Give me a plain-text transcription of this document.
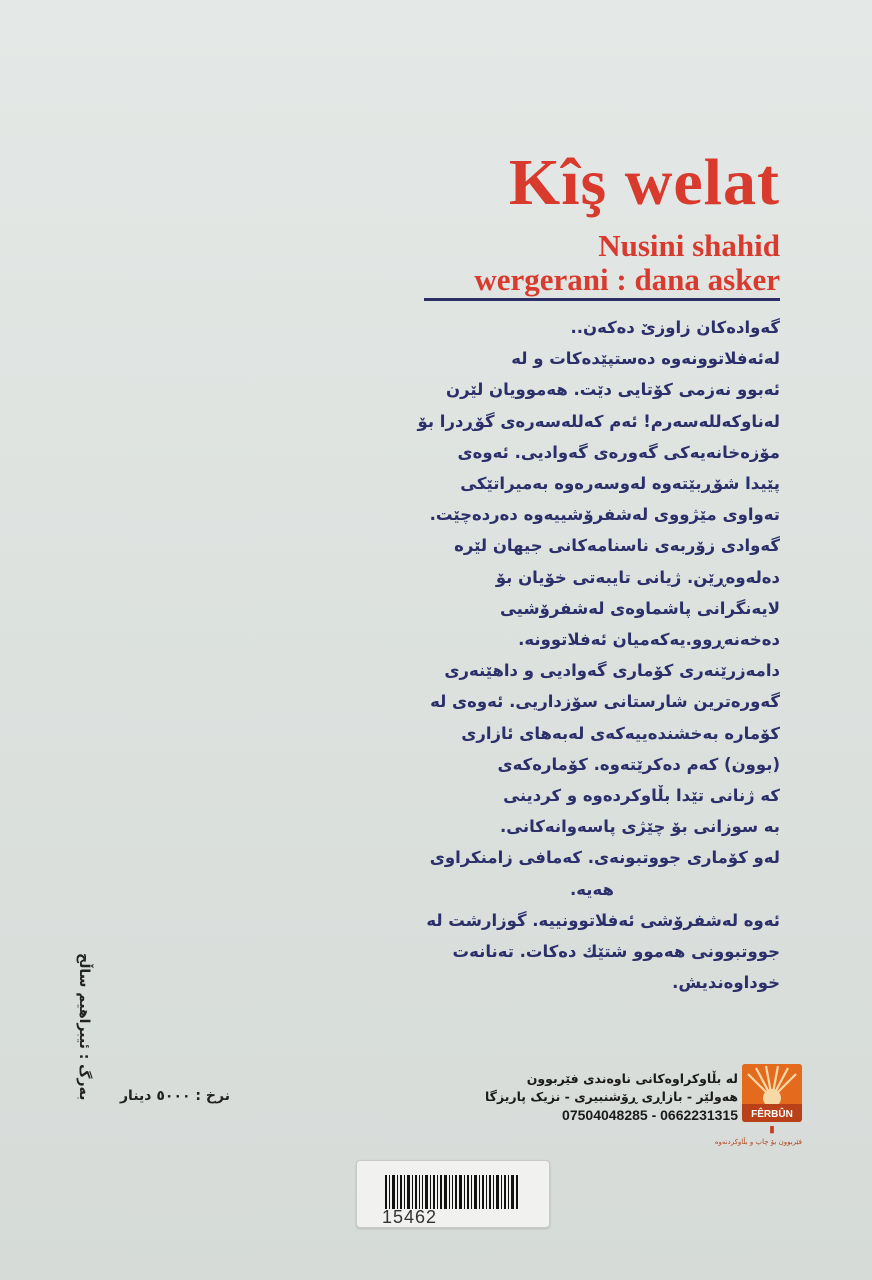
Kîş welat
Nusini shahid
wergerani : dana asker
گەوادەکان زاوزێ دەکەن..
لەئەفلاتوونەوە دەستپێدەکات و لە
ئەبوو نەزمی کۆتایی دێت. هەموویان لێرن
لەناوکەللەسەرم! ئەم کەللەسەرەی گۆڕدرا بۆ
مۆزەخانەیەکی گەورەی گەوادیی. ئەوەی
پێیدا شۆڕبێتەوە لەوسەرەوە بەمیراتێکی
تەواوی مێژووی لەشفرۆشییەوە دەردەچێت.
گەوادی زۆربەی ناسنامەکانی جیهان لێرە
دەلەوەڕێن. ژیانی تایبەتی خۆیان بۆ
لایەنگرانی پاشماوەی لەشفرۆشیی
دەخەنەڕوو.یەکەمیان ئەفلاتوونە.
دامەزرێنەری کۆماری گەوادیی و داهێنەری
گەورەترین شارستانی سۆزداریی. ئەوەی لە
کۆمارە بەخشندەییەکەی لەبەهای ئازاری
(بوون) کەم دەکرێتەوە. کۆمارەکەی
کە ژنانی تێدا بڵاوکردەوە و کردینی
بە سوزانی بۆ چێژی پاسەوانەکانی.
لەو کۆماری جووتبونەی. کەمافی زامنکراوی
هەیە.
ئەوە لەشفرۆشی ئەفلاتوونییە. گوزارشت لە
جووتبوونی هەموو شتێك دەکات. تەنانەت
خوداوەندیش.
بەرگ : ئیبراهیم ساڵح نرخ : ٥٠٠٠ دینار
لە بڵاوکراوەکانی ناوەندی فێربوون
هەولێر - بازاڕی ڕۆشنبیری - نزیک پاریزگا
07504048285 - 0662231315 FÊRBÛN
▮
فێربوون بۆ چاپ و بڵاوکردنەوە
15462
